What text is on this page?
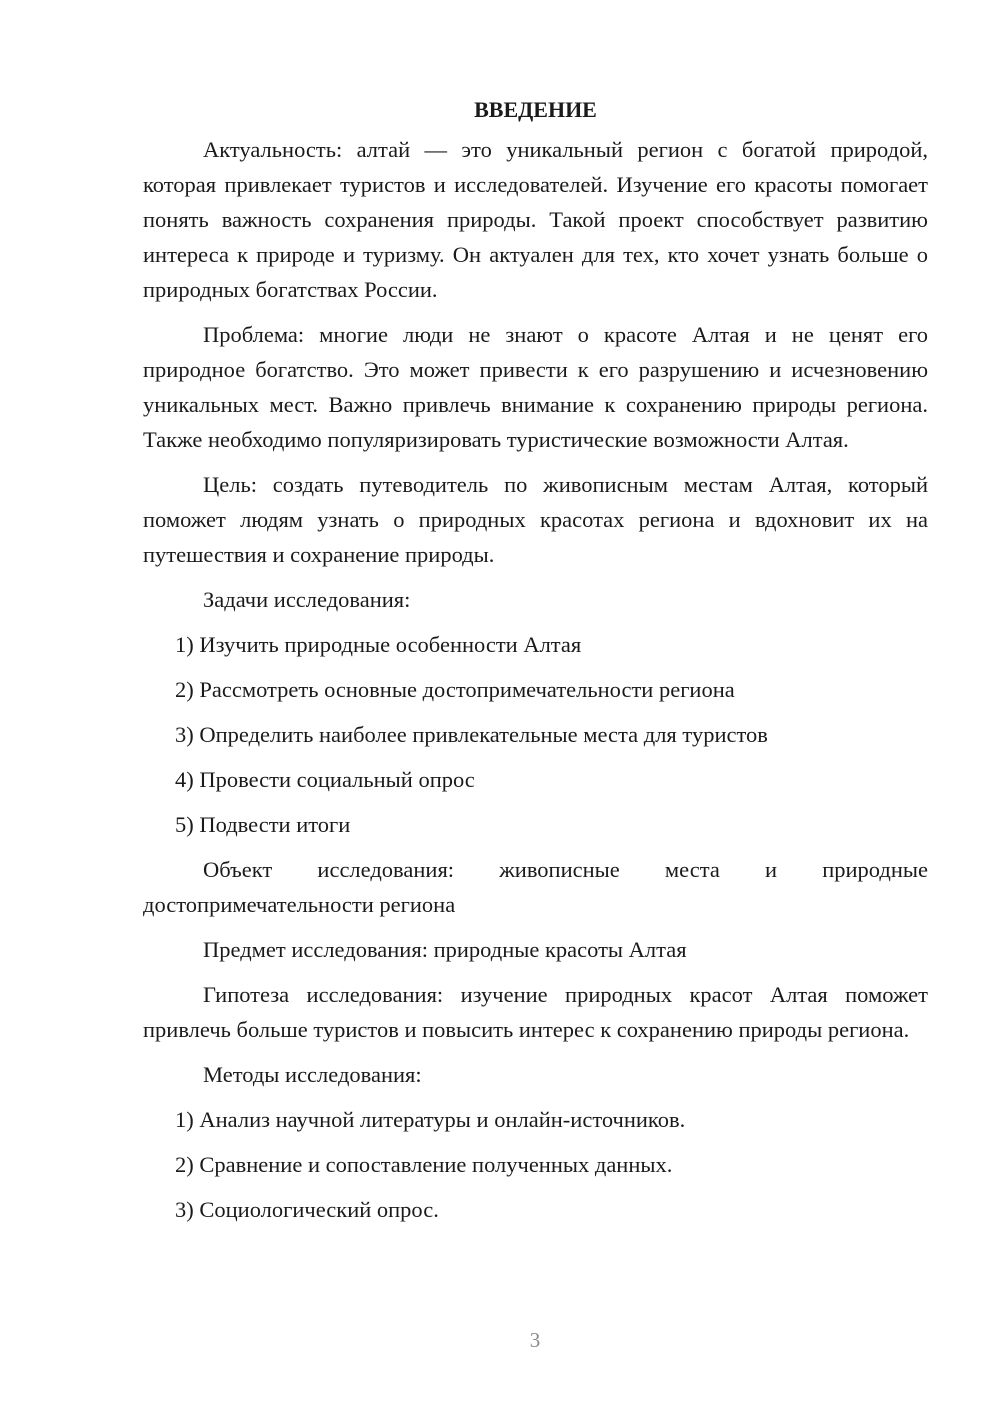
ВВЕДЕНИЕ

Актуальность: алтай — это уникальный регион с богатой природой, которая привлекает туристов и исследователей. Изучение его красоты помогает понять важность сохранения природы. Такой проект способствует развитию интереса к природе и туризму. Он актуален для тех, кто хочет узнать больше о природных богатствах России.

Проблема: многие люди не знают о красоте Алтая и не ценят его природное богатство. Это может привести к его разрушению и исчезновению уникальных мест. Важно привлечь внимание к сохранению природы региона. Также необходимо популяризировать туристические возможности Алтая.

Цель: создать путеводитель по живописным местам Алтая, который поможет людям узнать о природных красотах региона и вдохновит их на путешествия и сохранение природы.

Задачи исследования:

1) Изучить природные особенности Алтая

2) Рассмотреть основные достопримечательности региона

3) Определить наиболее привлекательные места для туристов

4) Провести социальный опрос

5) Подвести итоги

Объект исследования: живописные места и природные

достопримечательности региона

Предмет исследования: природные красоты Алтая

Гипотеза исследования: изучение природных красот Алтая поможет привлечь больше туристов и повысить интерес к сохранению природы региона.

Методы исследования:

1) Анализ научной литературы и онлайн-источников.

2) Сравнение и сопоставление полученных данных.

3) Социологический опрос.

3
